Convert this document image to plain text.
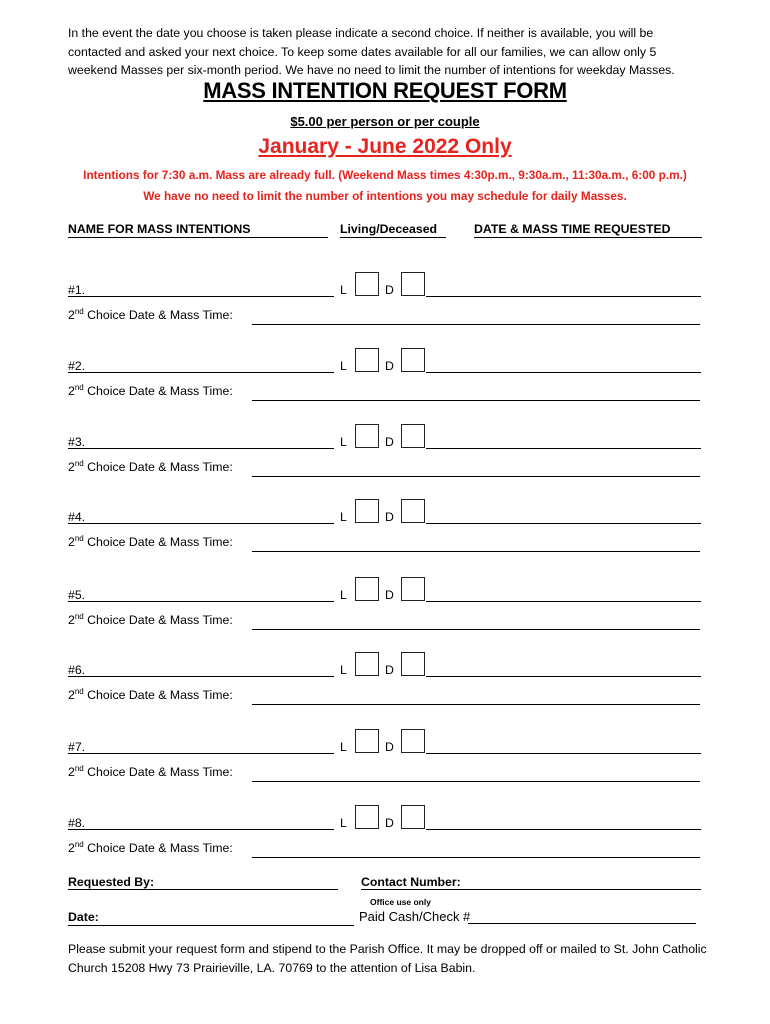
In the event the date you choose is taken please indicate a second choice. If neither is available, you will be contacted and asked your next choice. To keep some dates available for all our families, we can allow only 5 weekend Masses per six-month period. We have no need to limit the number of intentions for weekday Masses.
MASS INTENTION REQUEST FORM
$5.00 per person or per couple
January - June 2022 Only
Intentions for 7:30 a.m. Mass are already full. (Weekend Mass times 4:30p.m., 9:30a.m., 11:30a.m., 6:00 p.m.)
We have no need to limit the number of intentions you may schedule for daily Masses.
NAME FOR MASS INTENTIONS	Living/Deceased	DATE & MASS TIME REQUESTED
#1.	L	D
2nd Choice Date & Mass Time:
#2.	L	D
2nd Choice Date & Mass Time:
#3.	L	D
2nd Choice Date & Mass Time:
#4.	L	D
2nd Choice Date & Mass Time:
#5.	L	D
2nd Choice Date & Mass Time:
#6.	L	D
2nd Choice Date & Mass Time:
#7.	L	D
2nd Choice Date & Mass Time:
#8.	L	D
2nd Choice Date & Mass Time:
Requested By:	Contact Number:
Office use only
Date:	Paid Cash/Check #
Please submit your request form and stipend to the Parish Office. It may be dropped off or mailed to St. John Catholic Church 15208 Hwy 73 Prairieville, LA. 70769 to the attention of Lisa Babin.
